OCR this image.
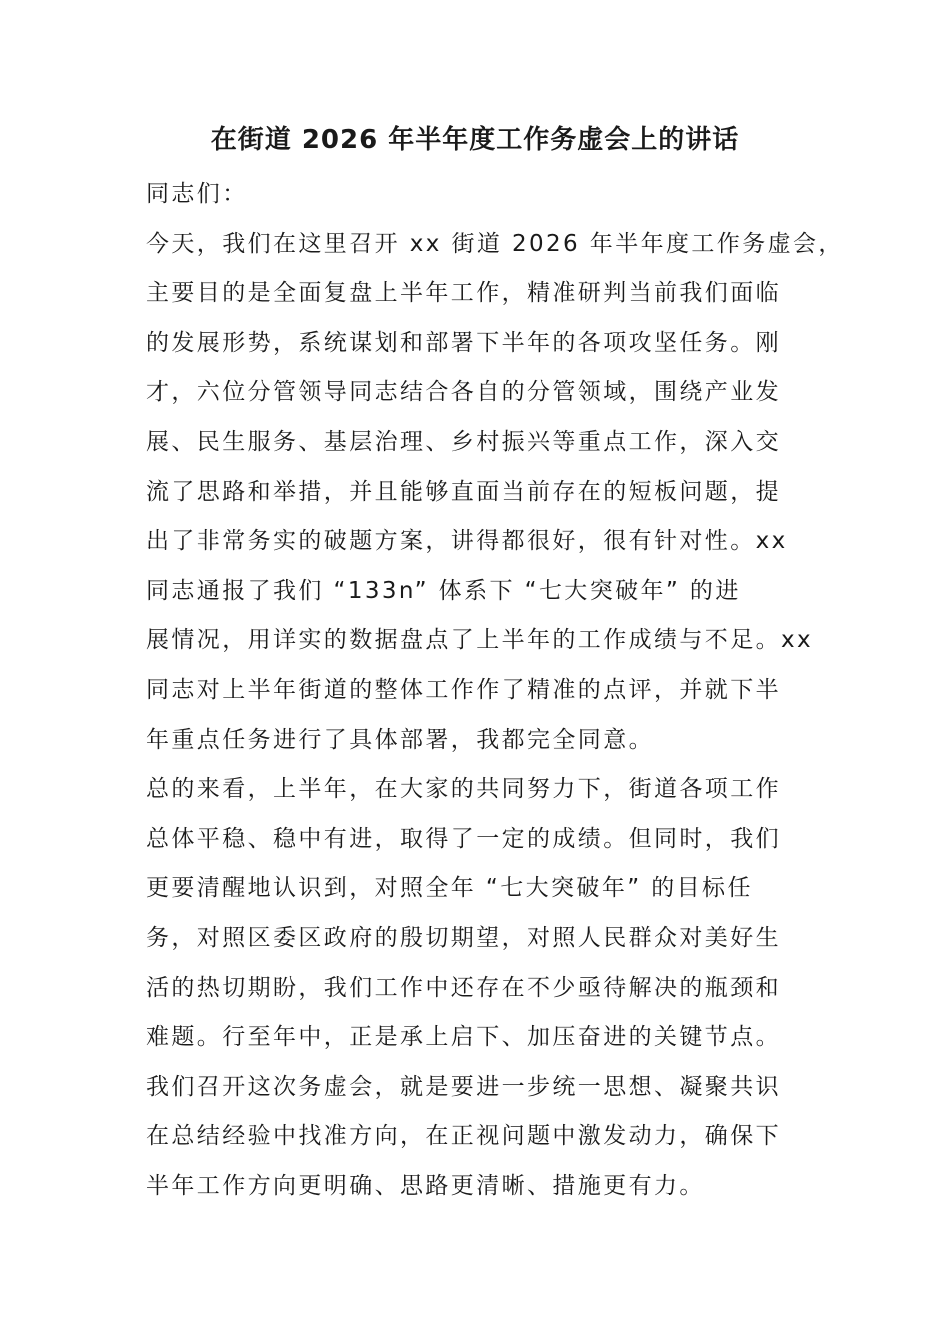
在街道 2026 年半年度工作务虚会上的讲话
同志们：
今天，我们在这里召开 xx 街道 2026 年半年度工作务虚会，
主要目的是全面复盘上半年工作，精准研判当前我们面临
的发展形势，系统谋划和部署下半年的各项攻坚任务。刚
才，六位分管领导同志结合各自的分管领域，围绕产业发
展、民生服务、基层治理、乡村振兴等重点工作，深入交
流了思路和举措，并且能够直面当前存在的短板问题，提
出了非常务实的破题方案，讲得都很好，很有针对性。xx
同志通报了我们 “133n” 体系下 “七大突破年” 的进
展情况，用详实的数据盘点了上半年的工作成绩与不足。xx
同志对上半年街道的整体工作作了精准的点评，并就下半
年重点任务进行了具体部署，我都完全同意。
总的来看，上半年，在大家的共同努力下，街道各项工作
总体平稳、稳中有进，取得了一定的成绩。但同时，我们
更要清醒地认识到，对照全年 “七大突破年” 的目标任
务，对照区委区政府的殷切期望，对照人民群众对美好生
活的热切期盼，我们工作中还存在不少亟待解决的瓶颈和
难题。行至年中，正是承上启下、加压奋进的关键节点。
我们召开这次务虚会，就是要进一步统一思想、凝聚共识
在总结经验中找准方向，在正视问题中激发动力，确保下
半年工作方向更明确、思路更清晰、措施更有力。
